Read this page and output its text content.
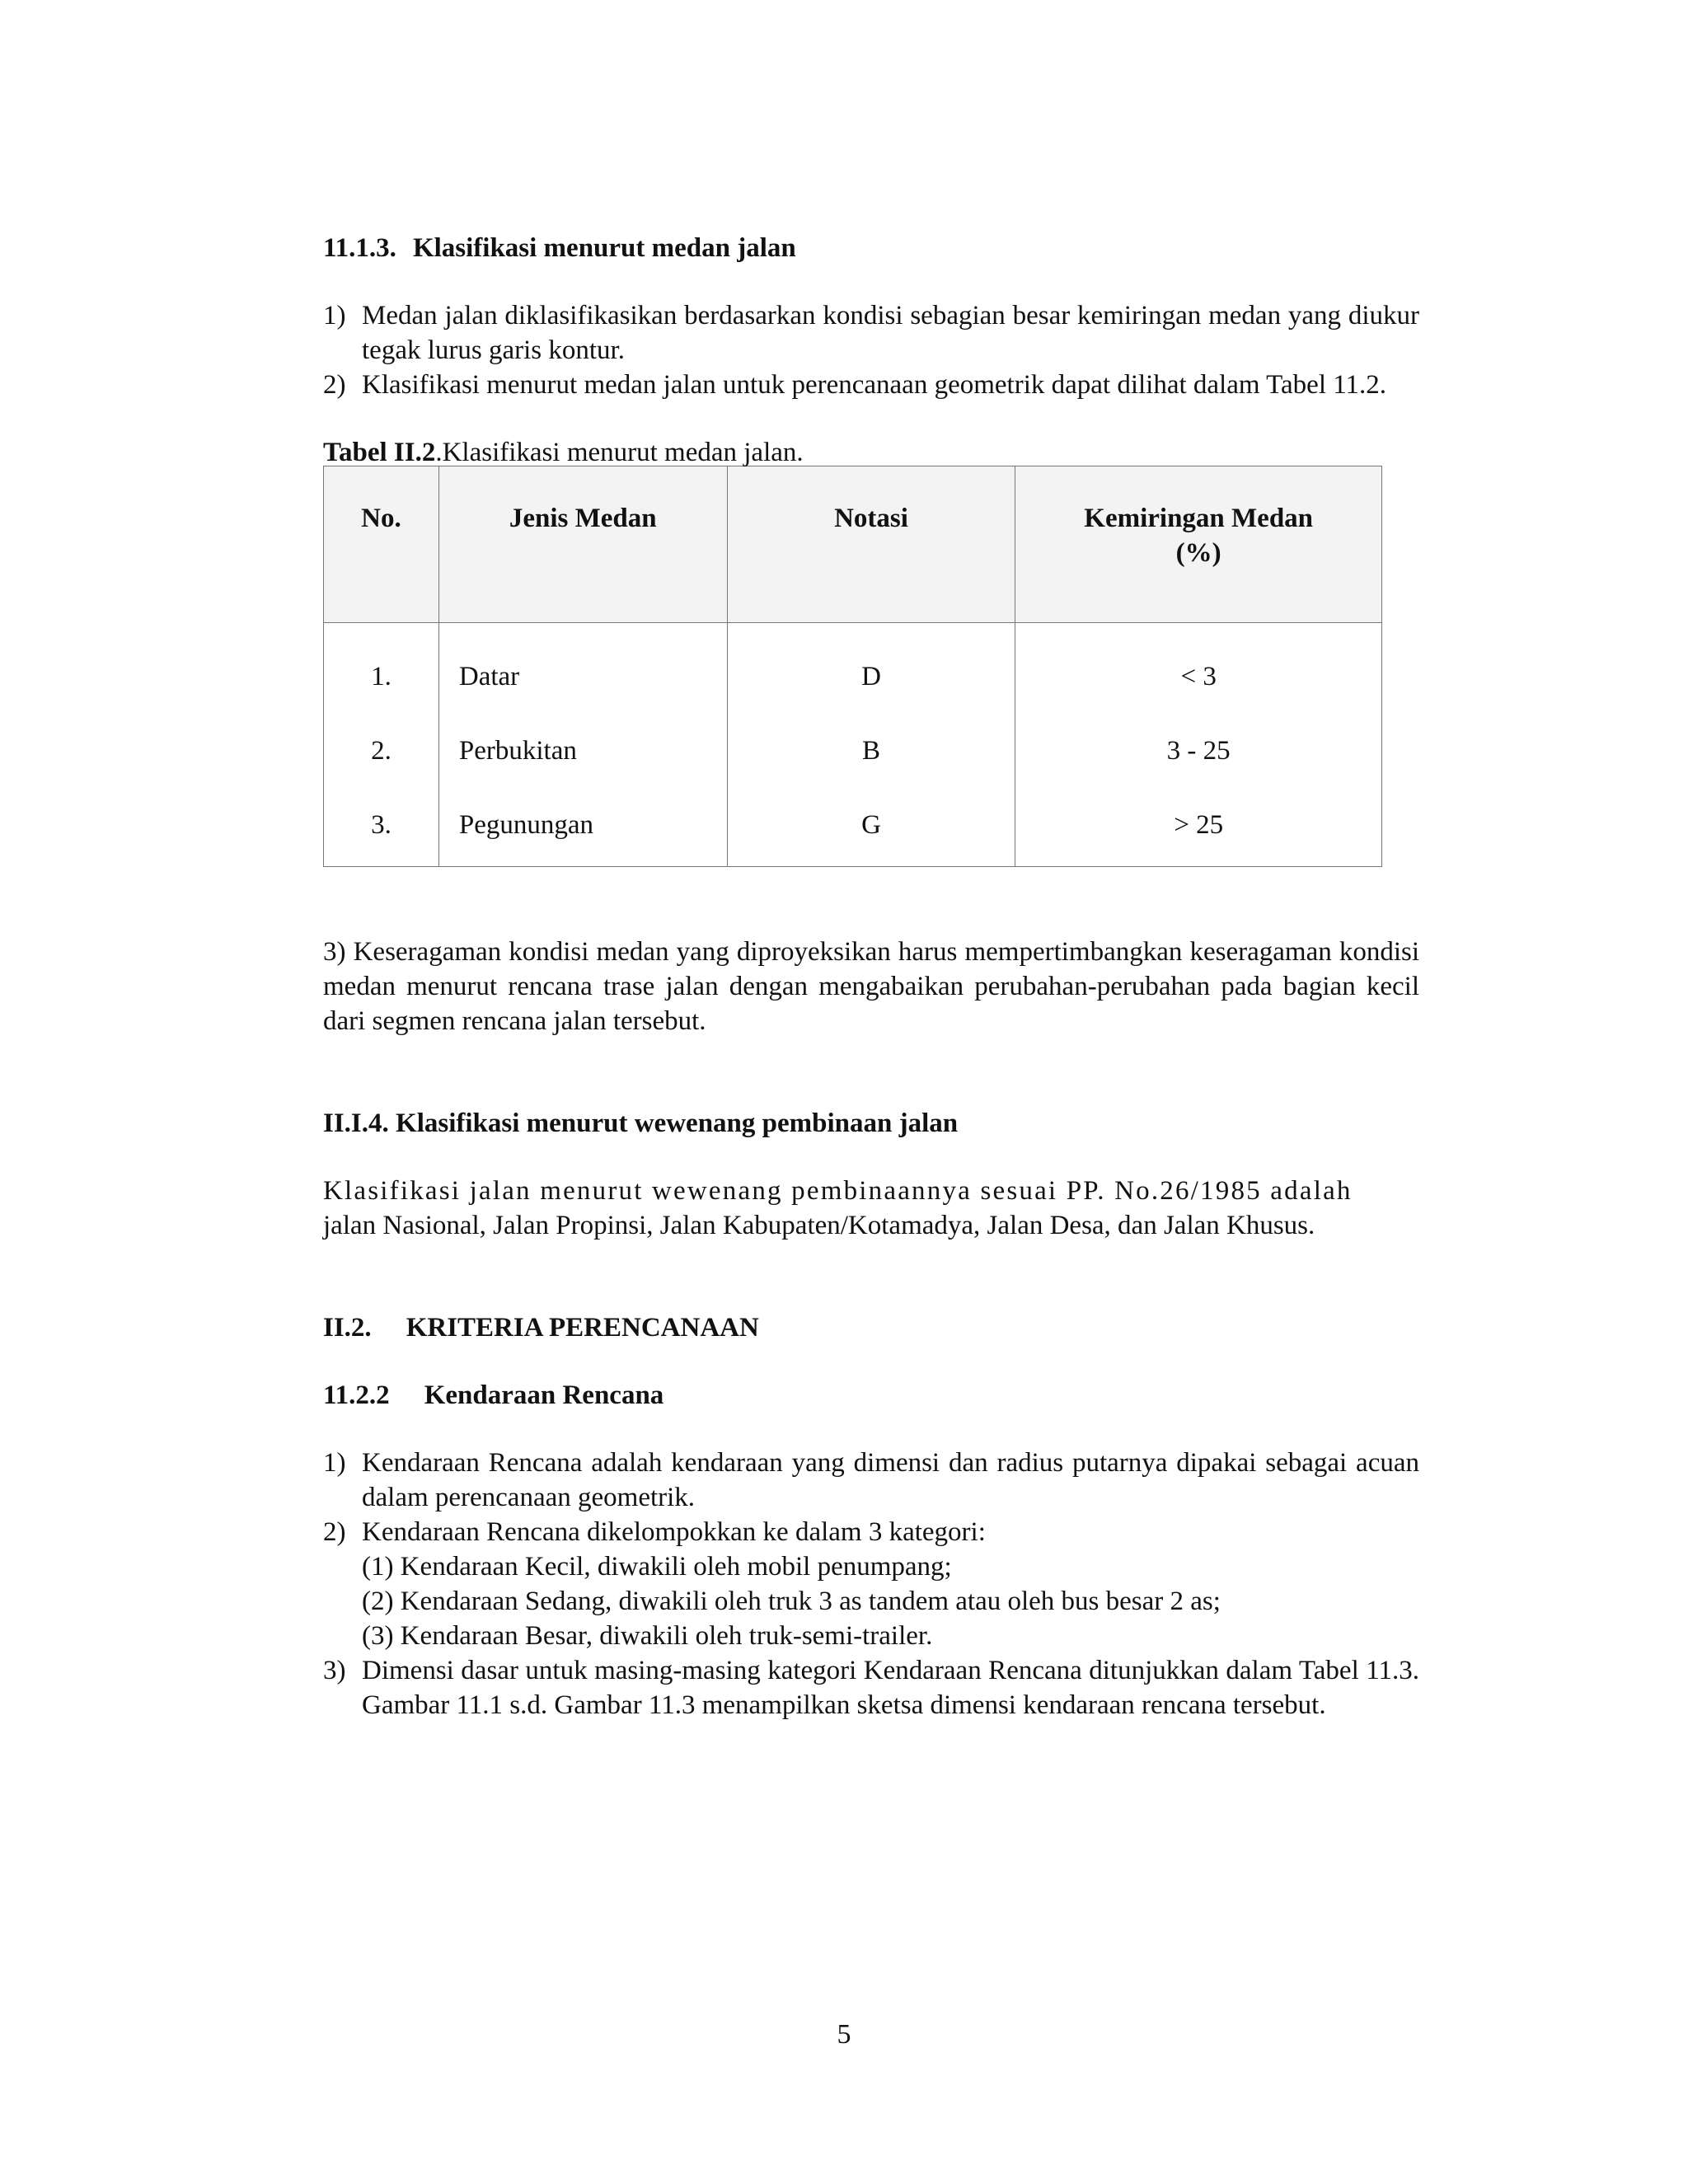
11.1.3. Klasifikasi menurut medan jalan
1) Medan jalan diklasifikasikan berdasarkan kondisi sebagian besar kemiringan medan yang diukur tegak lurus garis kontur.
2) Klasifikasi menurut medan jalan untuk perencanaan geometrik dapat dilihat dalam Tabel 11.2.

Tabel II.2.Klasifikasi menurut medan jalan.

No.	Jenis Medan	Notasi	Kemiringan Medan
(%)
1.	Datar	D	< 3
2.	Perbukitan	B	3 - 25
3.	Pegunungan	G	> 25

3) Keseragaman kondisi medan yang diproyeksikan harus mempertimbangkan keseragaman kondisi medan menurut rencana trase jalan dengan mengabaikan perubahan-perubahan pada bagian kecil dari segmen rencana jalan tersebut.

II.I.4. Klasifikasi menurut wewenang pembinaan jalan

Klasifikasi jalan menurut wewenang pembinaannya sesuai PP. No.26/1985 adalah
jalan Nasional, Jalan Propinsi, Jalan Kabupaten/Kotamadya, Jalan Desa, dan Jalan Khusus.

II.2. KRITERIA PERENCANAAN
11.2.2 Kendaraan Rencana
1) Kendaraan Rencana adalah kendaraan yang dimensi dan radius putarnya dipakai sebagai acuan dalam perencanaan geometrik.
2) Kendaraan Rencana dikelompokkan ke dalam 3 kategori:
(1) Kendaraan Kecil, diwakili oleh mobil penumpang;
(2) Kendaraan Sedang, diwakili oleh truk 3 as tandem atau oleh bus besar 2 as;
(3) Kendaraan Besar, diwakili oleh truk-semi-trailer.
3) Dimensi dasar untuk masing-masing kategori Kendaraan Rencana ditunjukkan dalam Tabel 11.3. Gambar 11.1 s.d. Gambar 11.3 menampilkan sketsa dimensi kendaraan rencana tersebut.
5
